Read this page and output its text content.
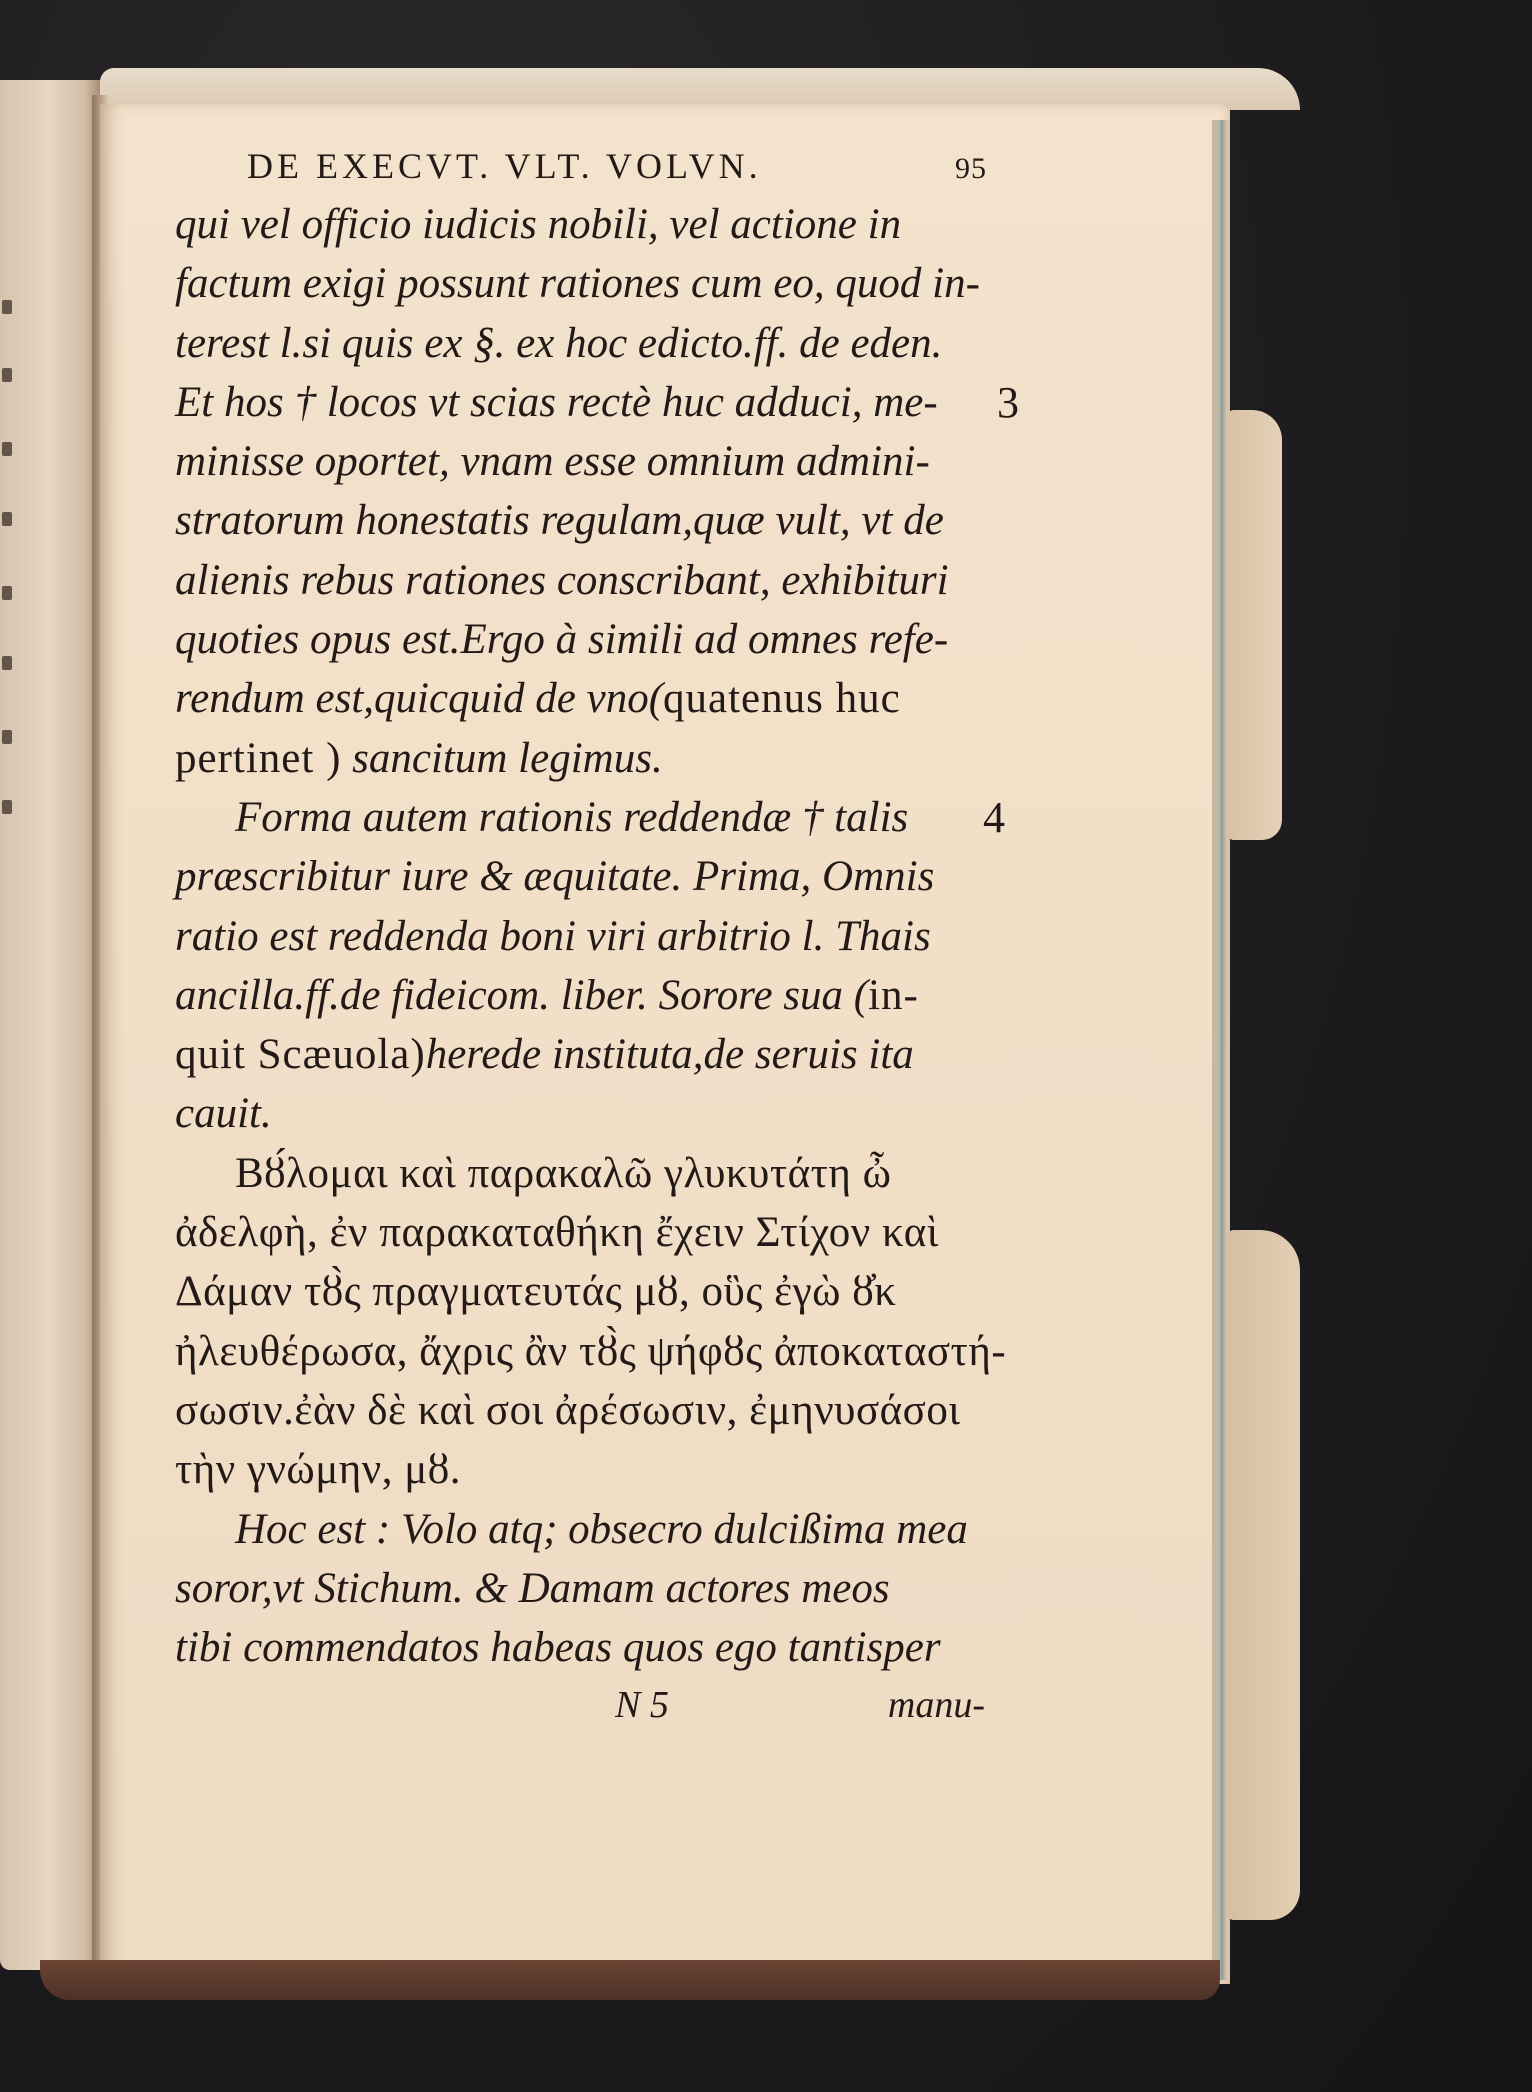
DE EXECVT. VLT. VOLVN.	95
qui vel officio iudicis nobili, vel actione in
factum exigi possunt rationes cum eo, quod in-
terest l.si quis ex §. ex hoc edicto.ff. de eden.
Et hos † locos vt scias rectè huc adduci, me- 3
minisse oportet, vnam esse omnium admini-
stratorum honestatis regulam,quæ vult, vt de
alienis rebus rationes conscribant, exhibituri
quoties opus est.Ergo à simili ad omnes refe-
rendum est,quicquid de vno(quatenus huc
pertinet ) sancitum legimus.
Forma autem rationis reddendæ † talis 4
præscribitur iure & æquitate. Prima, Omnis
ratio est reddenda boni viri arbitrio l. Thais
ancilla.ff.de fideicom. liber. Sorore sua (in-
quit Scæuola)herede instituta,de seruis ita
cauit.
Βȣ́λομαι καὶ παρακαλῶ γλυκυτάτη ὦ
ἀδελφὴ, ἐν παρακαταθήκη ἔχειν Στίχον καὶ
Δάμαν τȣ̀ς πραγματευτάς μȣ, οὓς ἐγὼ ȣ̓κ
ἠλευθέρωσα, ἄχρις ἂν τȣ̀ς ψήφȣς ἀποκαταστή-
σωσιν.ἐὰν δὲ καὶ σοι ἀρέσωσιν, ἐμηνυσάσοι
τὴν γνώμην, μȣ.
Hoc est : Volo atq; obsecro dulcißima mea
soror,vt Stichum. & Damam actores meos
tibi commendatos habeas quos ego tantisper
N 5	manu-
